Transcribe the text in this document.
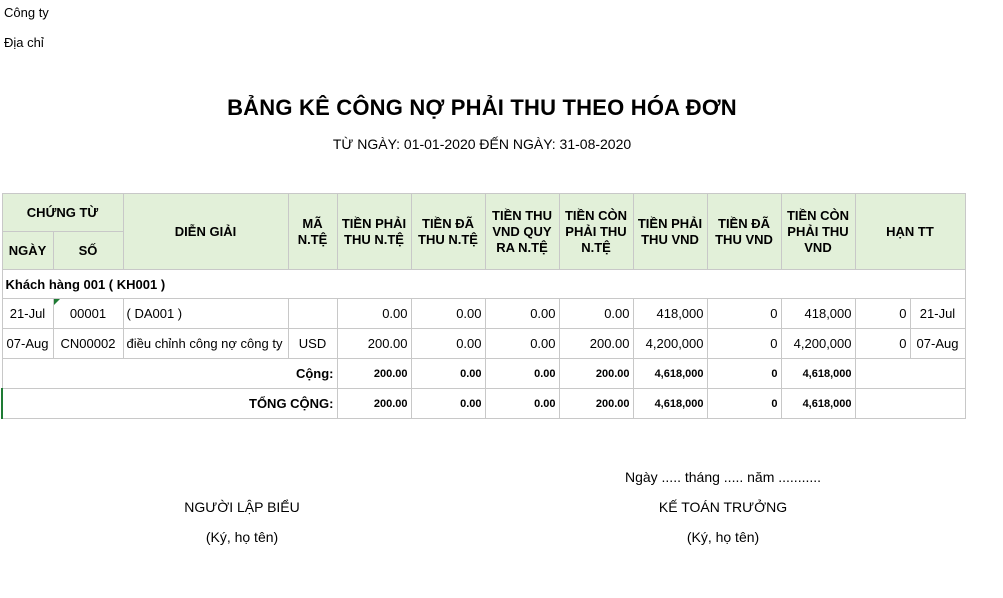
Công ty
Địa chỉ
BẢNG KÊ CÔNG NỢ PHẢI THU THEO HÓA ĐƠN
TỪ NGÀY: 01-01-2020 ĐẾN NGÀY: 31-08-2020
CHỨNG TỪ		DIỄN GIẢI	MÃ N.TỆ	TIỀN PHẢI THU N.TỆ	TIỀN ĐÃ THU N.TỆ	TIỀN THU VND QUY RA N.TỆ	TIỀN CÒN PHẢI THU N.TỆ	TIỀN PHẢI THU VND	TIỀN ĐÃ THU VND	TIỀN CÒN PHẢI THU VND	HẠN TT	
NGÀY	SỐ											
Khách hàng 001 ( KH001 )												
21-Jul	00001	( DA001 )		0.00	0.00	0.00	0.00	418,000	0	418,000	0	21-Jul
07-Aug	CN00002	điều chỉnh công nợ công ty	USD	200.00	0.00	0.00	200.00	4,200,000	0	4,200,000	0	07-Aug
Cộng:				200.00	0.00	0.00	200.00	4,618,000	0	4,618,000		
TỔNG CỘNG:				200.00	0.00	0.00	200.00	4,618,000	0	4,618,000		
Ngày ..... tháng ..... năm ...........
NGƯỜI LẬP BIỂU	KẾ TOÁN TRƯỞNG
(Ký, họ tên)	(Ký, họ tên)
